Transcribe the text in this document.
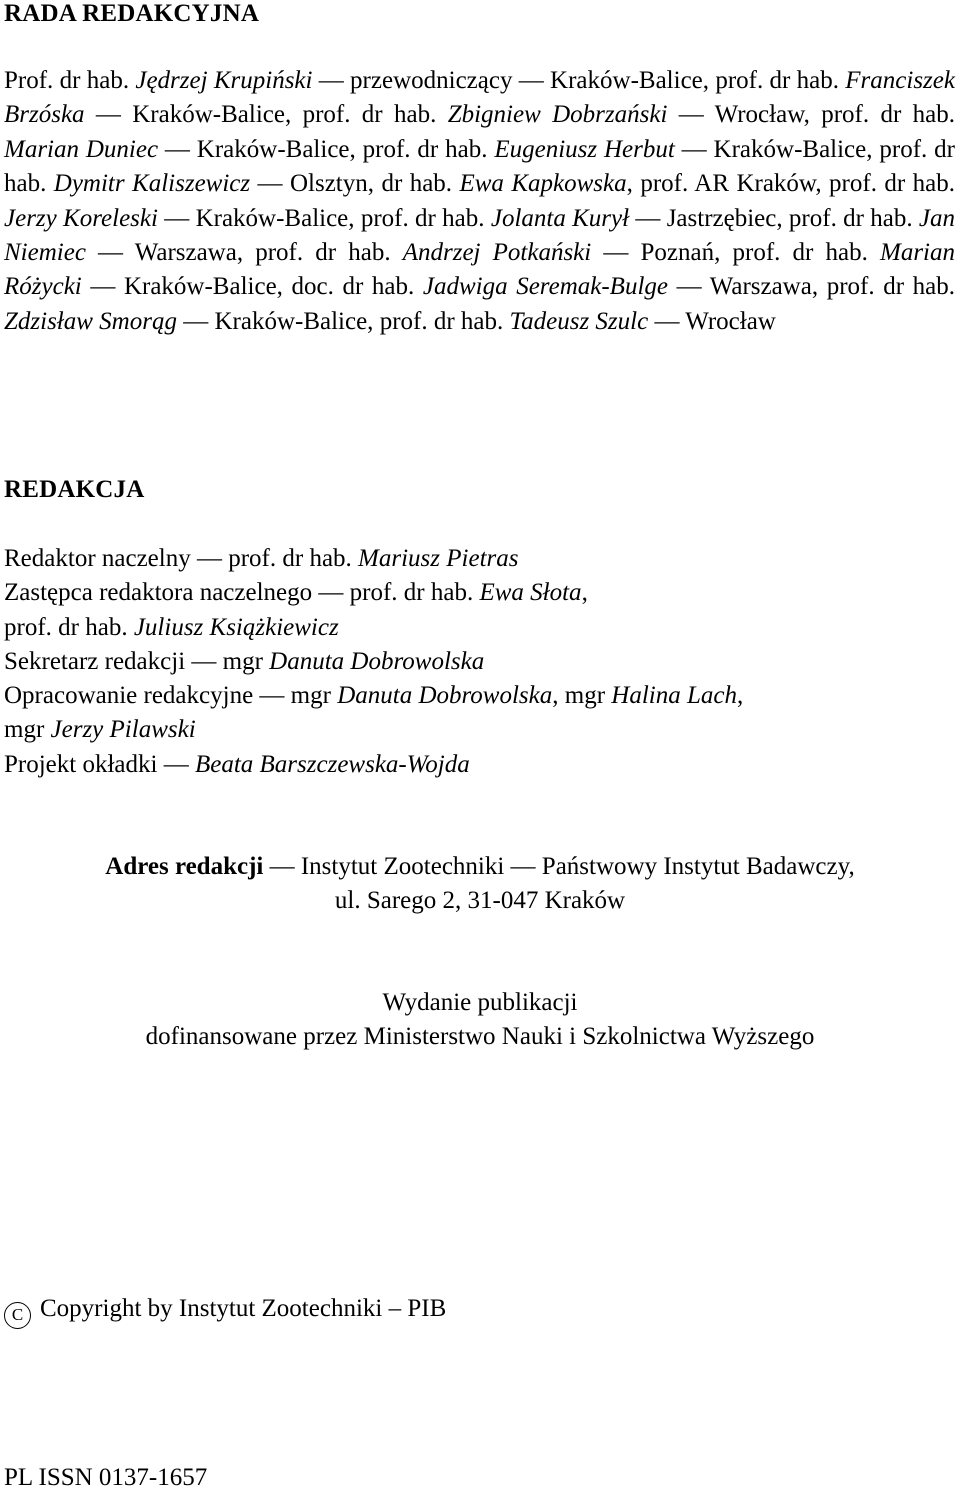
RADA REDAKCYJNA

Prof. dr hab. Jędrzej Krupiński — przewodniczący — Kraków-Balice, prof. dr hab. Franciszek Brzóska — Kraków-Balice, prof. dr hab. Zbigniew Dobrzański — Wrocław, prof. dr hab. Marian Duniec — Kraków-Balice, prof. dr hab. Eugeniusz Herbut — Kraków-Balice, prof. dr hab. Dymitr Kaliszewicz — Olsztyn, dr hab. Ewa Kapkowska, prof. AR Kraków, prof. dr hab. Jerzy Koreleski — Kraków-Balice, prof. dr hab. Jolanta Kurył — Jastrzębiec, prof. dr hab. Jan Niemiec — Warszawa, prof. dr hab. Andrzej Potkański — Poznań, prof. dr hab. Marian Różycki — Kraków-Balice, doc. dr hab. Jadwiga Seremak-Bulge — Warszawa, prof. dr hab. Zdzisław Smorąg — Kraków-Balice, prof. dr hab. Tadeusz Szulc — Wrocław

REDAKCJA
Redaktor naczelny — prof. dr hab. Mariusz Pietras
Zastępca redaktora naczelnego — prof. dr hab. Ewa Słota,
prof. dr hab. Juliusz Książkiewicz
Sekretarz redakcji — mgr Danuta Dobrowolska
Opracowanie redakcyjne — mgr Danuta Dobrowolska, mgr Halina Lach,
mgr Jerzy Pilawski
Projekt okładki — Beata Barszczewska-Wojda
Adres redakcji — Instytut Zootechniki — Państwowy Instytut Badawczy,
ul. Sarego 2, 31-047 Kraków
Wydanie publikacji
dofinansowane przez Ministerstwo Nauki i Szkolnictwa Wyższego
C Copyright by Instytut Zootechniki – PIB
PL ISSN 0137-1657
